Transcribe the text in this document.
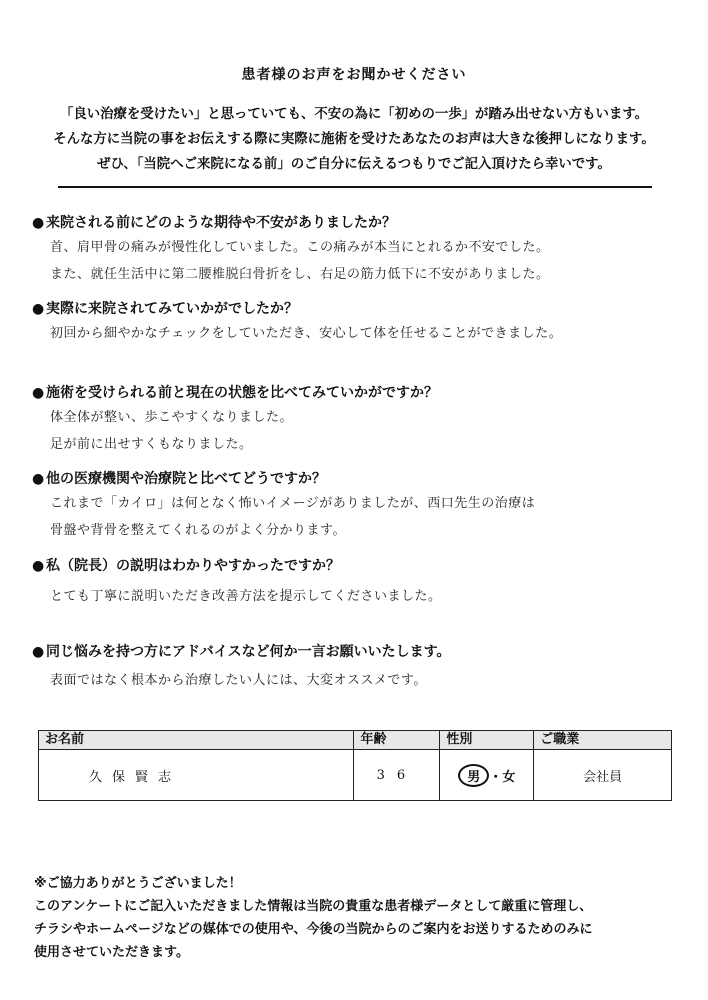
患者様のお声をお聞かせください
「良い治療を受けたい」と思っていても、不安の為に「初めの一歩」が踏み出せない方もいます。
そんな方に当院の事をお伝えする際に実際に施術を受けたあなたのお声は大きな後押しになります。
ぜひ、「当院へご来院になる前」のご自分に伝えるつもりでご記入頂けたら幸いです。
● 来院される前にどのような期待や不安がありましたか？
首、肩甲骨の痛みが慢性化していました。この痛みが本当にとれるか不安でした。
また、就任生活中に第二腰椎脱臼骨折をし、右足の筋力低下に不安がありました。
● 実際に来院されてみていかがでしたか？
初回から細やかなチェックをしていただき、安心して体を任せることができました。
● 施術を受けられる前と現在の状態を比べてみていかがですか？
体全体が整い、歩こやすくなりました。
足が前に出せすくもなりました。
● 他の医療機関や治療院と比べてどうですか？
これまで「カイロ」は何となく怖いイメージがありましたが、西口先生の治療は
骨盤や背骨を整えてくれるのがよく分かります。
● 私（院長）の説明はわかりやすかったですか？
とても丁寧に説明いただき改善方法を提示してくださいました。
● 同じ悩みを持つ方にアドバイスなど何か一言お願いいたします。
表面ではなく根本から治療したい人には、大変オススメです。
お名前	年齢	性別	ご職業
久保賢志	36	男 ・女	会社員
※ご協力ありがとうございました！
このアンケートにご記入いただきました情報は当院の貴重な患者様データとして厳重に管理し、
チラシやホームページなどの媒体での使用や、今後の当院からのご案内をお送りするためのみに
使用させていただきます。
